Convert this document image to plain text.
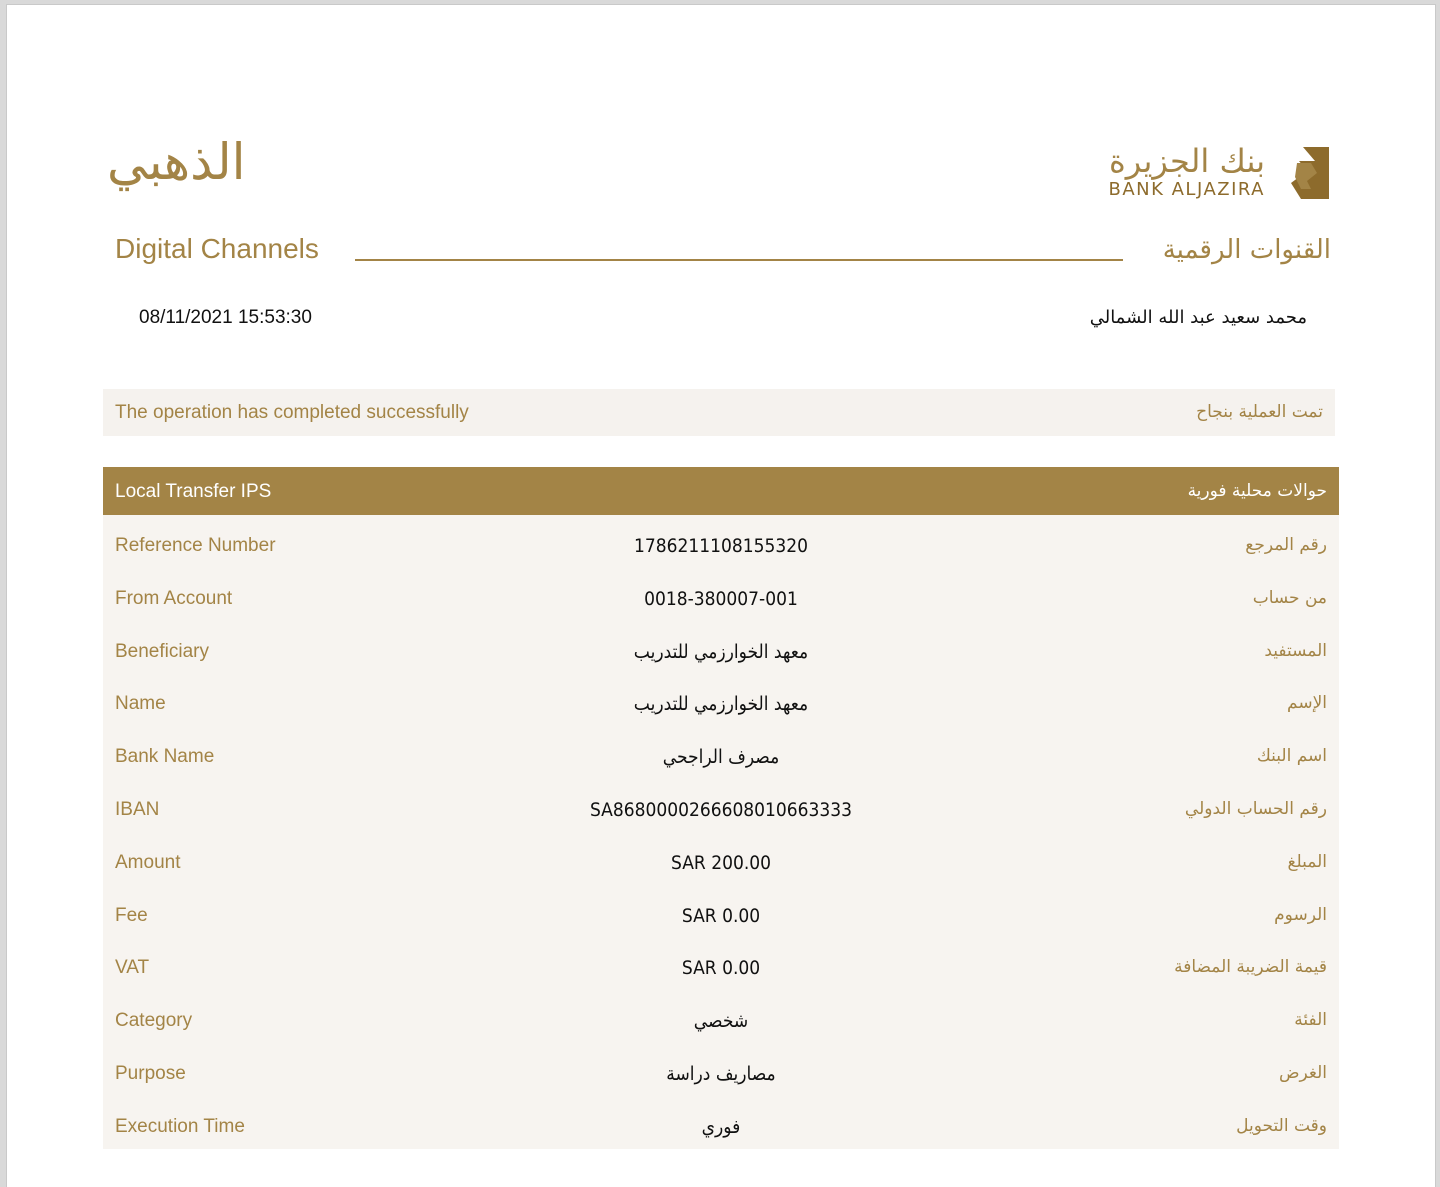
الذهبي	بنك الجزيرة
BANK ALJAZIRA
Digital Channels	القنوات الرقمية
08/11/2021 15:53:30	محمد سعيد عبد الله الشمالي
The operation has completed successfully	تمت العملية بنجاح
Local Transfer IPS	حوالات محلية فورية
Reference Number	1786211108155320	رقم المرجع
From Account	0018-380007-001	من حساب
Beneficiary	معهد الخوارزمي للتدريب	المستفيد
Name	معهد الخوارزمي للتدريب	الإسم
Bank Name	مصرف الراجحي	اسم البنك
IBAN	SA8680000266608010663333	رقم الحساب الدولي
Amount	SAR 200.00	المبلغ
Fee	SAR 0.00	الرسوم
VAT	SAR 0.00	قيمة الضريبة المضافة
Category	شخصي	الفئة
Purpose	مصاريف دراسة	الغرض
Execution Time	فوري	وقت التحويل
